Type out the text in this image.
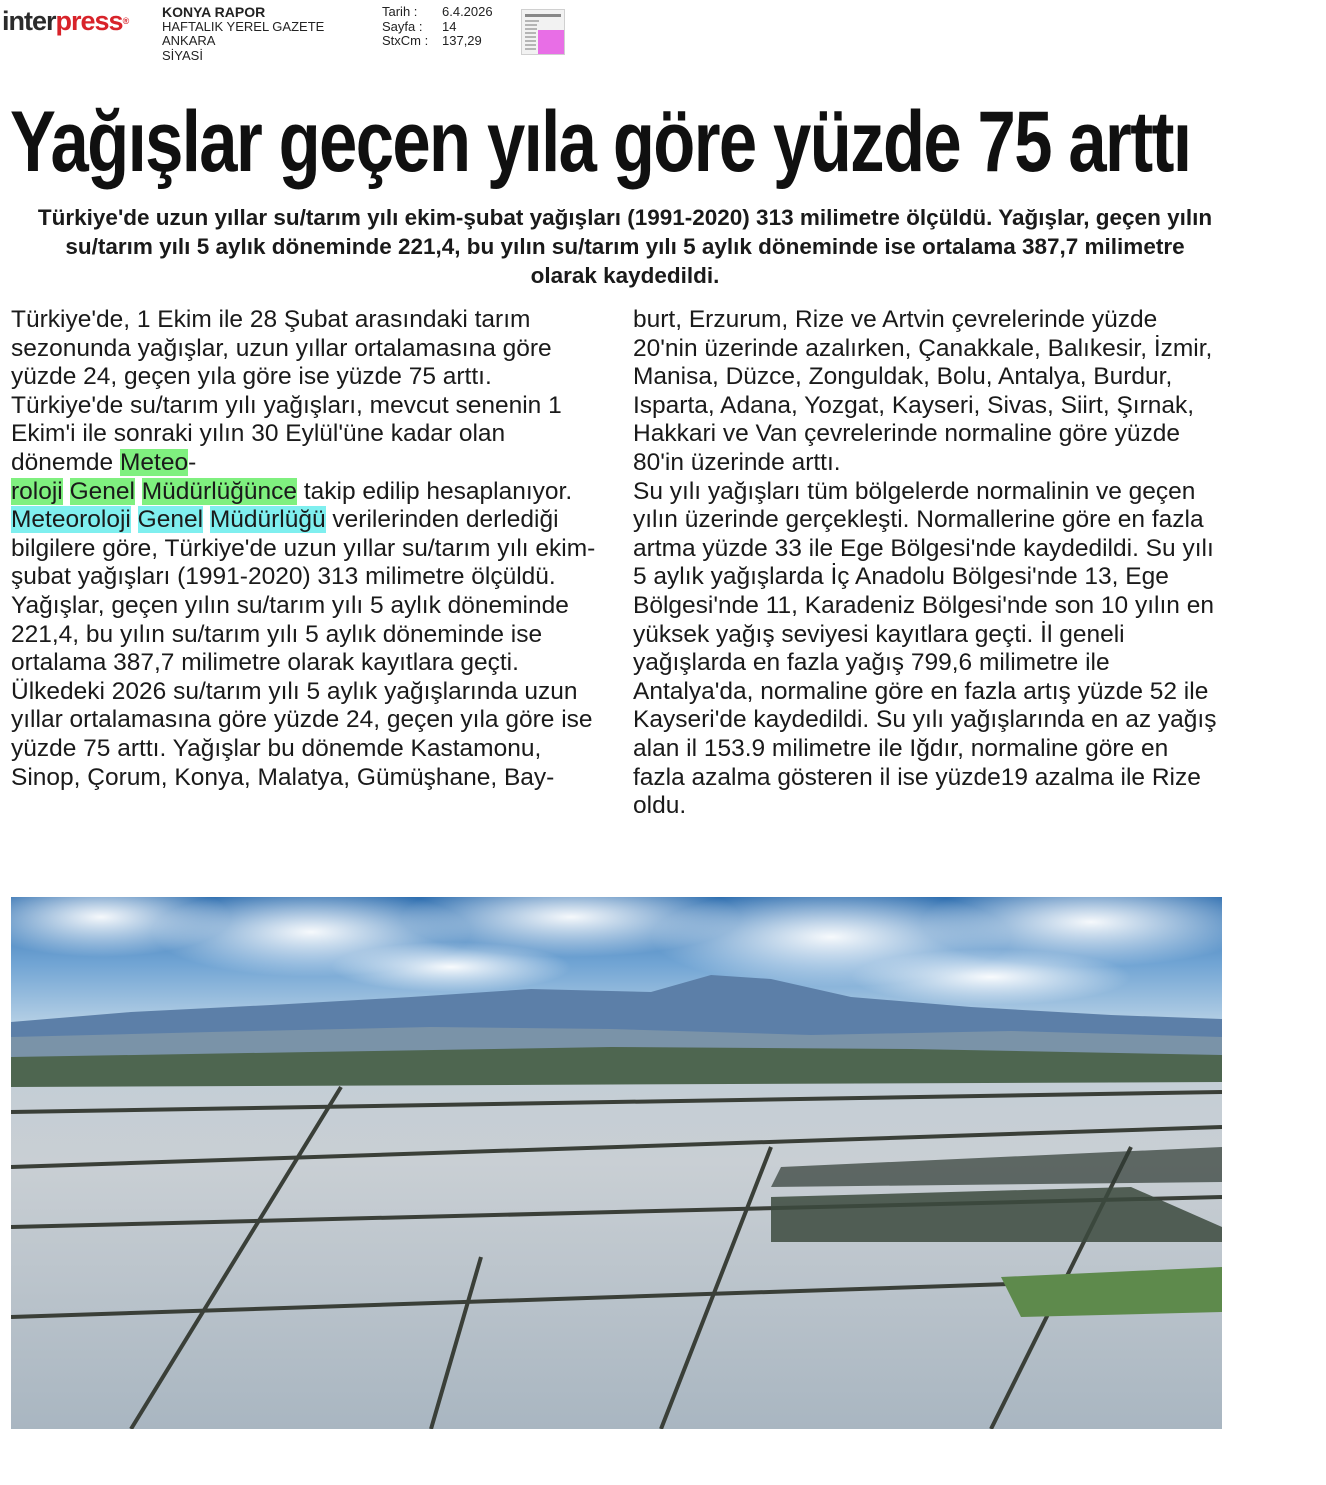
interpress®
KONYA RAPOR
HAFTALIK YEREL GAZETE
ANKARA
SİYASİ
Tarih :	6.4.2026
Sayfa :	14
StxCm :	137,29
Yağışlar geçen yıla göre yüzde 75 arttı
Türkiye'de uzun yıllar su/tarım yılı ekim-şubat yağışları (1991-2020) 313 milimetre ölçüldü. Yağışlar, geçen yılın su/tarım yılı 5 aylık döneminde 221,4, bu yılın su/tarım yılı 5 aylık döneminde ise ortalama 387,7 milimetre olarak kaydedildi.

Türkiye'de, 1 Ekim ile 28 Şubat arasındaki tarım sezonunda yağışlar, uzun yıllar ortalamasına göre yüzde 24, geçen yıla göre ise yüzde 75 arttı. Türkiye'de su/tarım yılı yağışları, mevcut senenin 1 Ekim'i ile sonraki yılın 30 Eylül'üne kadar olan dönemde Meteo-
roloji Genel Müdürlüğünce takip edilip hesaplanıyor.

Meteoroloji Genel Müdürlüğü verilerinden derlediği bilgilere göre, Türkiye'de uzun yıllar su/tarım yılı ekim-şubat yağışları (1991-2020) 313 milimetre ölçüldü. Yağışlar, geçen yılın su/tarım yılı 5 aylık döneminde 221,4, bu yılın su/tarım yılı 5 aylık döneminde ise ortalama 387,7 milimetre olarak kayıtlara geçti. Ülkedeki 2026 su/tarım yılı 5 aylık yağışlarında uzun yıllar ortalamasına göre yüzde 24, geçen yıla göre ise yüzde 75 arttı. Yağışlar bu dönemde Kastamonu, Sinop, Çorum, Konya, Malatya, Gümüşhane, Bay-

burt, Erzurum, Rize ve Artvin çevrelerinde yüzde 20'nin üzerinde azalırken, Çanakkale, Balıkesir, İzmir, Manisa, Düzce, Zonguldak, Bolu, Antalya, Burdur, Isparta, Adana, Yozgat, Kayseri, Sivas, Siirt, Şırnak, Hakkari ve Van çevrelerinde normaline göre yüzde 80'in üzerinde arttı.

Su yılı yağışları tüm bölgelerde normalinin ve geçen yılın üzerinde gerçekleşti. Normallerine göre en fazla artma yüzde 33 ile Ege Bölgesi'nde kaydedildi. Su yılı 5 aylık yağışlarda İç Anadolu Bölgesi'nde 13, Ege Bölgesi'nde 11, Karadeniz Bölgesi'nde son 10 yılın en yüksek yağış seviyesi kayıtlara geçti. İl geneli yağışlarda en fazla yağış 799,6 milimetre ile Antalya'da, normaline göre en fazla artış yüzde 52 ile Kayseri'de kaydedildi. Su yılı yağışlarında en az yağış alan il 153.9 milimetre ile Iğdır, normaline göre en fazla azalma gösteren il ise yüzde19 azalma ile Rize oldu.
